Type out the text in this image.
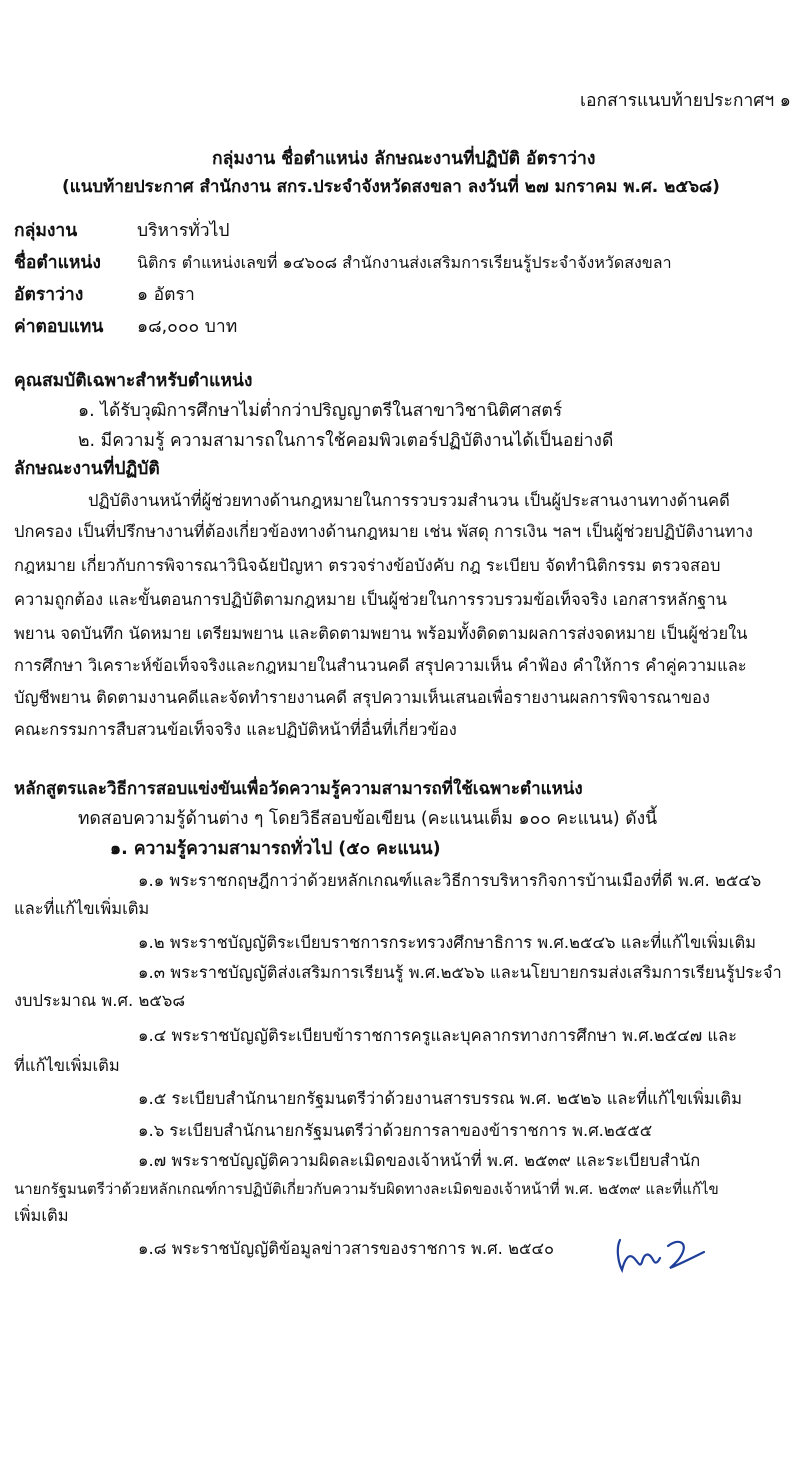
เอกสารแนบท้ายประกาศฯ ๑
กลุ่มงาน ชื่อตำแหน่ง ลักษณะงานที่ปฏิบัติ อัตราว่าง
(แนบท้ายประกาศ สำนักงาน สกร.ประจำจังหวัดสงขลา ลงวันที่ ๒๗ มกราคม พ.ศ. ๒๕๖๘)
กลุ่มงาน	บริหารทั่วไป
ชื่อตำแหน่ง นิติกร ตำแหน่งเลขที่ ๑๔๖๐๘ สำนักงานส่งเสริมการเรียนรู้ประจำจังหวัดสงขลา
อัตราว่าง	๑ อัตรา
ค่าตอบแทน ๑๘,๐๐๐ บาท
คุณสมบัติเฉพาะสำหรับตำแหน่ง
๑. ได้รับวุฒิการศึกษาไม่ต่ำกว่าปริญญาตรีในสาขาวิชานิติศาสตร์
๒. มีความรู้ ความสามารถในการใช้คอมพิวเตอร์ปฏิบัติงานได้เป็นอย่างดี
ลักษณะงานที่ปฏิบัติ
ปฏิบัติงานหน้าที่ผู้ช่วยทางด้านกฎหมายในการรวบรวมสำนวน เป็นผู้ประสานงานทางด้านคดี
ปกครอง เป็นที่ปรึกษางานที่ต้องเกี่ยวข้องทางด้านกฎหมาย เช่น พัสดุ การเงิน ฯลฯ เป็นผู้ช่วยปฏิบัติงานทาง
กฎหมาย เกี่ยวกับการพิจารณาวินิจฉัยปัญหา ตรวจร่างข้อบังคับ กฎ ระเบียบ จัดทำนิติกรรม ตรวจสอบ
ความถูกต้อง และขั้นตอนการปฏิบัติตามกฎหมาย เป็นผู้ช่วยในการรวบรวมข้อเท็จจริง เอกสารหลักฐาน
พยาน จดบันทึก นัดหมาย เตรียมพยาน และติดตามพยาน พร้อมทั้งติดตามผลการส่งจดหมาย เป็นผู้ช่วยใน
การศึกษา วิเคราะห์ข้อเท็จจริงและกฎหมายในสำนวนคดี สรุปความเห็น คำฟ้อง คำให้การ คำคู่ความและ
บัญชีพยาน ติดตามงานคดีและจัดทำรายงานคดี สรุปความเห็นเสนอเพื่อรายงานผลการพิจารณาของ
คณะกรรมการสืบสวนข้อเท็จจริง และปฏิบัติหน้าที่อื่นที่เกี่ยวข้อง
หลักสูตรและวิธีการสอบแข่งขันเพื่อวัดความรู้ความสามารถที่ใช้เฉพาะตำแหน่ง
ทดสอบความรู้ด้านต่าง ๆ โดยวิธีสอบข้อเขียน (คะแนนเต็ม ๑๐๐ คะแนน) ดังนี้
๑. ความรู้ความสามารถทั่วไป (๕๐ คะแนน)
๑.๑ พระราชกฤษฎีกาว่าด้วยหลักเกณฑ์และวิธีการบริหารกิจการบ้านเมืองที่ดี พ.ศ. ๒๕๔๖
และที่แก้ไขเพิ่มเติม
๑.๒ พระราชบัญญัติระเบียบราชการกระทรวงศึกษาธิการ พ.ศ.๒๕๔๖ และที่แก้ไขเพิ่มเติม
๑.๓ พระราชบัญญัติส่งเสริมการเรียนรู้ พ.ศ.๒๕๖๖ และนโยบายกรมส่งเสริมการเรียนรู้ประจำ
งบประมาณ พ.ศ. ๒๕๖๘
๑.๔ พระราชบัญญัติระเบียบข้าราชการครูและบุคลากรทางการศึกษา พ.ศ.๒๕๔๗ และ
ที่แก้ไขเพิ่มเติม
๑.๕ ระเบียบสำนักนายกรัฐมนตรีว่าด้วยงานสารบรรณ พ.ศ. ๒๕๒๖ และที่แก้ไขเพิ่มเติม
๑.๖ ระเบียบสำนักนายกรัฐมนตรีว่าด้วยการลาของข้าราชการ พ.ศ.๒๕๕๕
๑.๗ พระราชบัญญัติความผิดละเมิดของเจ้าหน้าที่ พ.ศ. ๒๕๓๙ และระเบียบสำนัก
นายกรัฐมนตรีว่าด้วยหลักเกณฑ์การปฏิบัติเกี่ยวกับความรับผิดทางละเมิดของเจ้าหน้าที่ พ.ศ. ๒๕๓๙ และที่แก้ไข
เพิ่มเติม
๑.๘ พระราชบัญญัติข้อมูลข่าวสารของราชการ พ.ศ. ๒๕๔๐
